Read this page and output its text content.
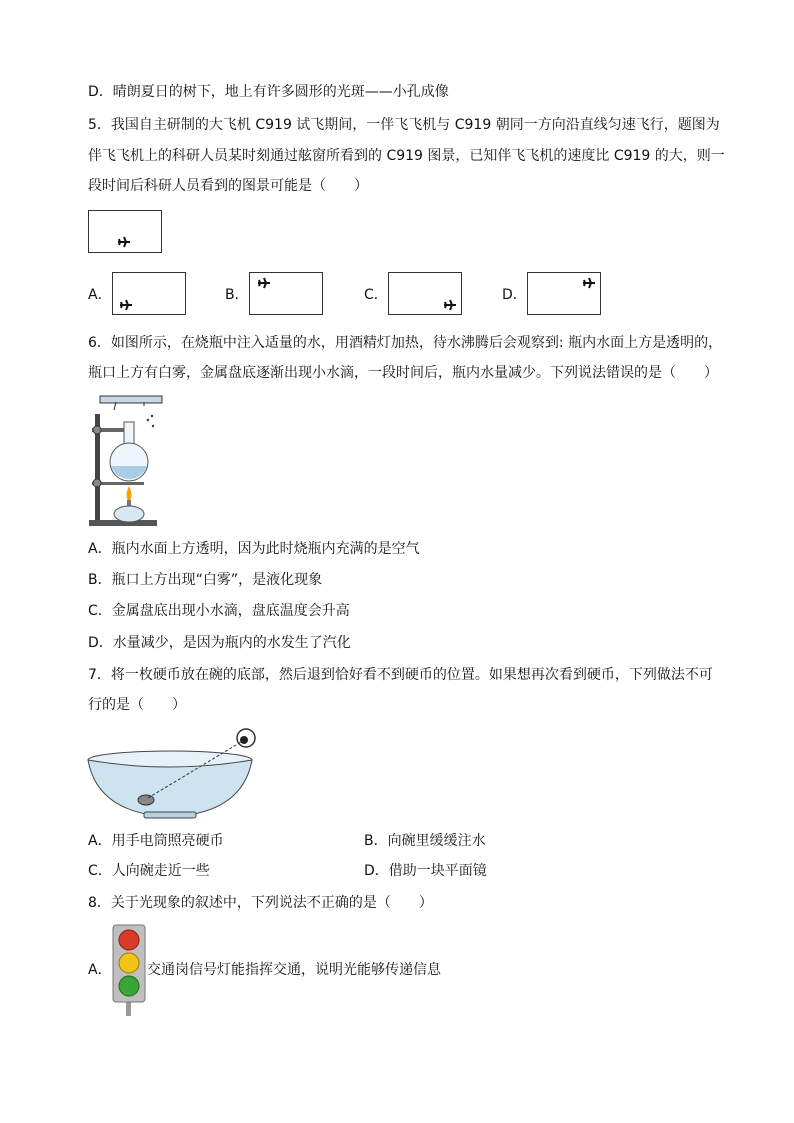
D．晴朗夏日的树下，地上有许多圆形的光斑——小孔成像
5．我国自主研制的大飞机 C919 试飞期间，一伴飞飞机与 C919 朝同一方向沿直线匀速飞行，题图为
伴飞飞机上的科研人员某时刻通过舷窗所看到的 C919 图景，已知伴飞飞机的速度比 C919 的大，则一
段时间后科研人员看到的图景可能是（　　）
A．	B．	C．	D．
6．如图所示，在烧瓶中注入适量的水，用酒精灯加热，待水沸腾后会观察到: 瓶内水面上方是透明的，
瓶口上方有白雾，金属盘底逐渐出现小水滴，一段时间后，瓶内水量减少。下列说法错误的是（　　）
A．瓶内水面上方透明，因为此时烧瓶内充满的是空气
B．瓶口上方出现“白雾”，是液化现象
C．金属盘底出现小水滴，盘底温度会升高
D．水量减少，是因为瓶内的水发生了汽化
7．将一枚硬币放在碗的底部，然后退到恰好看不到硬币的位置。如果想再次看到硬币，下列做法不可
行的是（　　）
A．用手电筒照亮硬币	B．向碗里缓缓注水
C．人向碗走近一些	D．借助一块平面镜
8．关于光现象的叙述中，下列说法不正确的是（　　）
A．	交通岗信号灯能指挥交通，说明光能够传递信息
